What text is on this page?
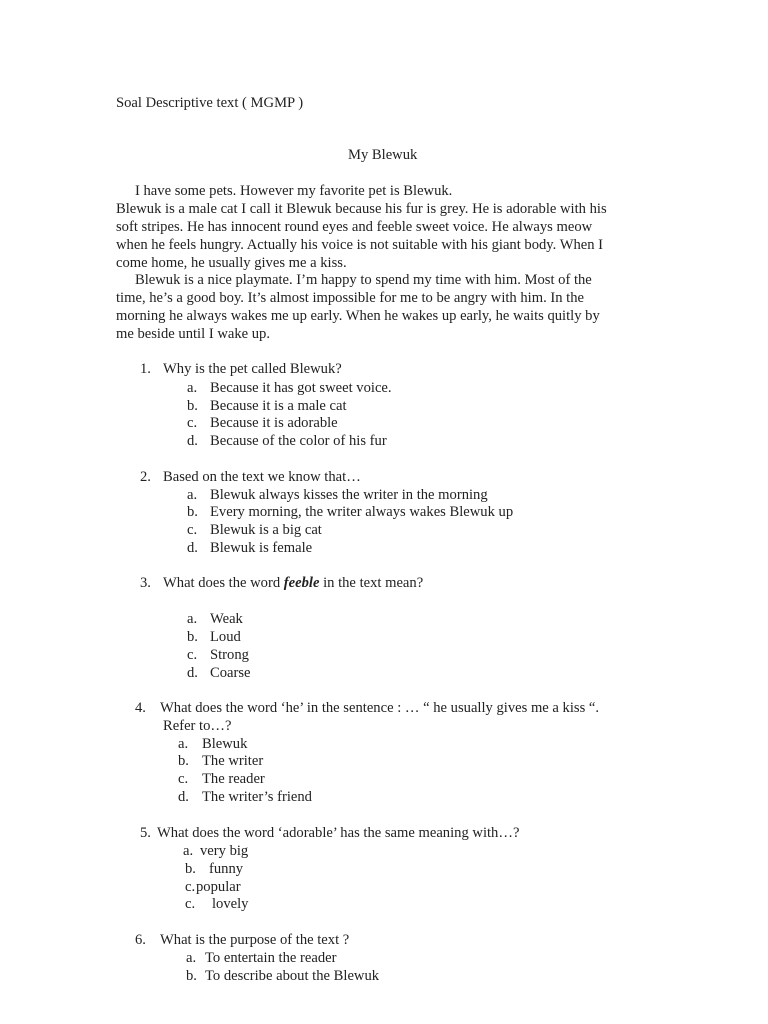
Soal Descriptive text ( MGMP )
My Blewuk
I have some pets. However my favorite pet is Blewuk.
Blewuk is a male cat I call it Blewuk because his fur is grey. He is adorable with his
soft stripes. He has innocent round eyes and feeble sweet voice. He always meow
when he feels hungry. Actually his voice is not suitable with his giant body. When I
come home, he usually gives me a kiss.
Blewuk is a nice playmate. I’m happy to spend my time with him. Most of the
time, he’s a good boy. It’s almost impossible for me to be angry with him. In the
morning he always wakes me up early. When he wakes up early, he waits quitly by
me beside until I wake up.
1. Why is the pet called Blewuk?
a. Because it has got sweet voice.
b. Because it is a male cat
c. Because it is adorable
d. Because of the color of his fur
2. Based on the text we know that…
a. Blewuk always kisses the writer in the morning
b. Every morning, the writer always wakes Blewuk up
c. Blewuk is a big cat
d. Blewuk is female
3. What does the word feeble in the text mean?
a. Weak
b. Loud
c. Strong
d. Coarse
4. What does the word ‘he’ in the sentence : … “ he usually gives me a kiss “.
Refer to…?
a. Blewuk
b. The writer
c. The reader
d. The writer’s friend
5. What does the word ‘adorable’ has the same meaning with…?
a. very big
b. funny
c. popular
c. lovely
6. What is the purpose of the text ?
a. To entertain the reader
b. To describe about the Blewuk
